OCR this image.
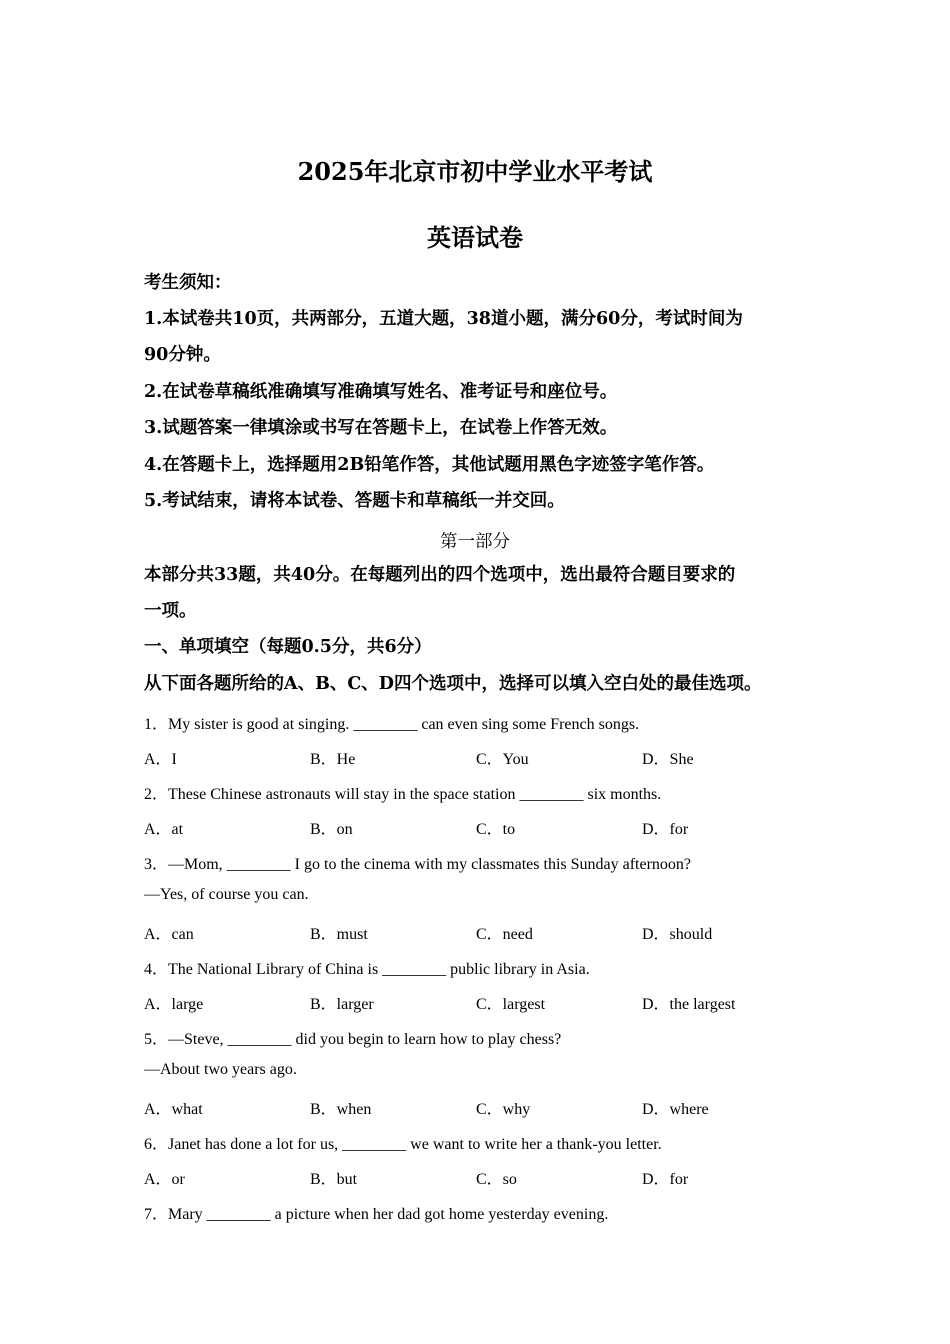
2025年北京市初中学业水平考试
英语试卷
考生须知：
1.本试卷共10页，共两部分，五道大题，38道小题，满分60分，考试时间为
90分钟。
2.在试卷草稿纸准确填写准确填写姓名、准考证号和座位号。
3.试题答案一律填涂或书写在答题卡上，在试卷上作答无效。
4.在答题卡上，选择题用2B铅笔作答，其他试题用黑色字迹签字笔作答。
5.考试结束，请将本试卷、答题卡和草稿纸一并交回。
第一部分
本部分共33题，共40分。在每题列出的四个选项中，选出最符合题目要求的
一项。
一、单项填空（每题0.5分，共6分）
从下面各题所给的A、B、C、D四个选项中，选择可以填入空白处的最佳选项。
1．My sister is good at singing. ________ can even sing some French songs.
A．I	B．He	C．You	D．She
2．These Chinese astronauts will stay in the space station ________ six months.
A．at	B．on	C．to	D．for
3．—Mom, ________ I go to the cinema with my classmates this Sunday afternoon?
—Yes, of course you can.
A．can	B．must	C．need	D．should
4．The National Library of China is ________ public library in Asia.
A．large	B．larger	C．largest	D．the largest
5．—Steve, ________ did you begin to learn how to play chess?
—About two years ago.
A．what	B．when	C．why	D．where
6．Janet has done a lot for us, ________ we want to write her a thank-you letter.
A．or	B．but	C．so	D．for
7．Mary ________ a picture when her dad got home yesterday evening.
